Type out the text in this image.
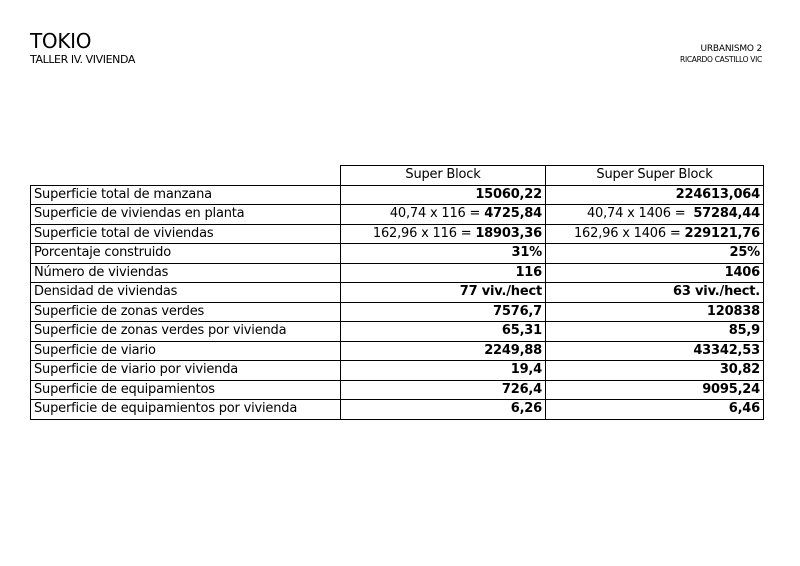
TOKIO
TALLER IV. VIVIENDA
URBANISMO 2
RICARDO CASTILLO VIC
	Super Block	Super Super Block
Superficie total de manzana	15060,22	224613,064
Superficie de viviendas en planta	40,74 x 116 = 4725,84	40,74 x 1406 =  57284,44
Superficie total de viviendas	162,96 x 116 = 18903,36	162,96 x 1406 = 229121,76
Porcentaje construido	31%	25%
Número de viviendas	116	1406
Densidad de viviendas	77 viv./hect	63 viv./hect.
Superficie de zonas verdes	7576,7	120838
Superficie de zonas verdes por vivienda	65,31	85,9
Superficie de viario	2249,88	43342,53
Superficie de viario por vivienda	19,4	30,82
Superficie de equipamientos	726,4	9095,24
Superficie de equipamientos por vivienda	6,26	6,46
